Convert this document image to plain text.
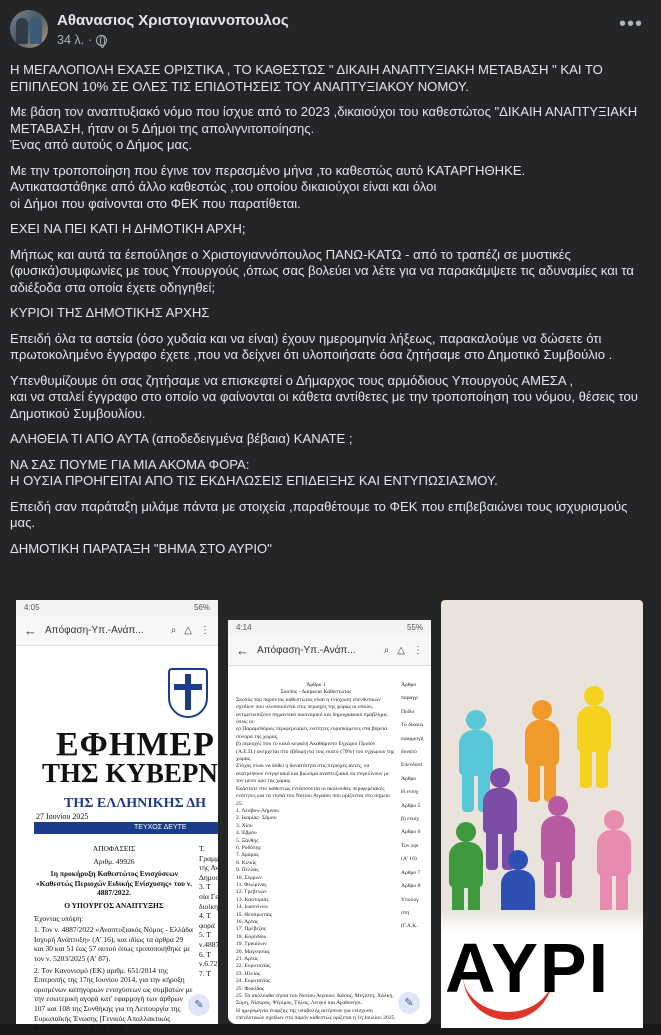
Αθανασιος Χριστογιαννοπουλος
34 λ. ·
•••

Η ΜΕΓΑΛΟΠΟΛΗ ΕΧΑΣΕ ΟΡΙΣΤΙΚΑ , ΤΟ ΚΑΘΕΣΤΩΣ " ΔΙΚΑΙΗ ΑΝΑΠΤΥΞΙΑΚΗ ΜΕΤΑΒΑΣΗ " ΚΑΙ ΤΟ ΕΠΙΠΛΕΟΝ 10% ΣΕ ΟΛΕΣ ΤΙΣ ΕΠΙΔΟΤΗΣΕΙΣ ΤΟΥ ΑΝΑΠΤΥΞΙΑΚΟΥ ΝΟΜΟΥ.

Με βάση τον αναπτυξιακό νόμο που ίσχυε από το 2023 ,δικαιούχοι του καθεστώτος "ΔΙΚΑΙΗ ΑΝΑΠΤΥΞΙΑΚΗ ΜΕΤΑΒΑΣΗ, ήταν οι 5 Δήμοι της απολιγνιτοποίησης.
Ένας από αυτούς ο Δήμος μας.

Με την τροποποίηση που έγινε τον περασμένο μήνα ,το καθεστώς αυτό ΚΑΤΑΡΓΗΘΗΚΕ.
Αντικαταστάθηκε από άλλο καθεστώς ,του οποίου δικαιούχοι είναι και όλοι
oi Δήμοι που φαίνονται στο ΦΕΚ που παρατίθεται.

ΕΧΕΙ ΝΑ ΠΕΙ ΚΑΤΙ Η ΔΗΜΟΤΙΚΗ ΑΡΧΗ;

Μήπως και αυτά τα έεπούλησε ο Χριστογιαννόπουλος ΠΑΝΩ-ΚΑΤΩ - από το τραπέζι σε μυστικές (φυσικά)συμφωνίες με τους Υπουργούς ,όπως σας βολεύει να λέτε για να παρακάμψετε τις αδυναμίες και τα αδιέξοδα στα οποία έχετε οδηγηθεί;

ΚΥΡΙΟΙ ΤΗΣ ΔΗΜΟΤΙΚΗΣ ΑΡΧΗΣ

Επειδή όλα τα αστεία (όσο χυδαία και να είναι) έχουν ημερομηνία λήξεως, παρακαλούμε να δώσετε ότι πρωτοκολημένο έγγραφο έχετε ,που να δείχνει ότι υλοποιήσατε όσα ζητήσαμε στο Δημοτικό Συμβούλιο .

Υπενθυμίζουμε ότι σας ζητήσαμε να επισκεφτεί ο Δήμαρχος τους αρμόδιους Υπουργούς ΑΜΕΣΑ ,
και να σταλεί έγγραφο στο οποίο να φαίνονται οι κάθετα αντίθετες με την τροποποίηση του νόμου, θέσεις του Δημοτικού Συμβουλίου.

ΑΛΗΘΕΙΑ ΤΙ ΑΠΟ ΑΥΤΑ (αποδεδειγμένα βέβαια) ΚΑΝΑΤΕ ;

ΝΑ ΣΑΣ ΠΟΥΜΕ ΓΙΑ ΜΙΑ ΑΚΟΜΑ ΦΟΡΑ:
Η ΟΥΣΙΑ ΠΡΟΗΓΕΙΤΑΙ ΑΠΟ ΤΙΣ ΕΚΔΗΛΩΣΕΙΣ ΕΠΙΔΕΙΞΗΣ ΚΑΙ ΕΝΤΥΠΩΣΙΑΣΜΟΥ.

Επειδή σαν παράταξη μιλάμε πάντα με στοιχεία ,παραθέτουμε το ΦΕΚ που επιβεβαιώνει τους ισχυρισμούς μας.

ΔΗΜΟΤΙΚΗ ΠΑΡΑΤΑΞΗ "ΒΗΜΑ ΣΤΟ ΑΥΡΙΟ"

4:05	56%
← Απόφαση-Υπ.-Ανάπ...	⌕ △ ⋮
ΕΦΗΜΕΡ
ΤΗΣ ΚΥΒΕΡΝ
ΤΗΣ ΕΛΛΗΝΙΚΗΣ ΔΗ
27 Ιουνίου 2025
ΤΕΥΧΟΣ ΔΕΥΤΕ
ΑΠΟΦΑΣΕΙΣ
Αριθμ. 49926
1η προκήρυξη Καθεστώτος Ενισχύσεων «Καθεστώς Περιοχών Ειδικής Ενίσχυσης» του ν. 4887/2022.
Ο ΥΠΟΥΡΓΟΣ ΑΝΑΠΤΥΞΗΣ
Έχοντας υπόψη:
1. Τον ν. 4887/2022 «Αναπτυξιακός Νόμος - Ελλάδα Ισχυρή Ανάπτυξη» (Α' 16), και ιδίως τα άρθρα 29 και 30 και 51 έως 57 αυτού όπως τροποποιήθηκε με τον ν. 5203/2025 (Α' 87).
2. Τον Κανονισμό (ΕΚ) αριθμ. 651/2014 της Επιτροπής της 17ης Ιουνίου 2014, για την κήρυξη ορισμένων κατηγοριών ενισχύσεων ως συμβατών με την εσωτερική αγορά κατ' εφαρμογή των άρθρων 107 και 108 της Συνθήκης για τη Λειτουργία της Ευρωπαϊκής Ένωσης [Γενικός Απαλλακτικός Κανονισμός (ΓΑΚ)] (ΕΕ L 16
Τ.
Γραμμ
της Αν
Δημοσ
3. Τ
σία Γεν
διοίκη
4. Τ
φορά
5. Τ
ν.4887
6. Τ
ν.6.72
7. Τ
✎
4:14	55%
← Απόφαση-Υπ.-Ανάπ...	⌕ △ ⋮
Άρθρο 1
Σκοπός - Διάρκεια Καθεστώτος
Σκοπός του παρόντος καθεστώτος είναι η ενίσχυση επενδυτικών σχεδίων που υλοποιούνται στις περιοχές της χώρας οι οποίες αντιμετωπίζουν σημαντικό οικονομικό και δημογραφικό πρόβλημα, όπως οι:
α) Παραμεθόριες περιφερειακές ενότητες ευρισκόμενες στα βόρεια σύνορα της χώρας,
β) περιοχές που το κατά κεφαλή Ακαθάριστο Εγχώριο Προϊόν (Α.Ε.Π.) ανέρχεται στο εβδομήντα τοις εκατό (70%) του εγχώριου της χώρας.
Στόχος είναι να δοθεί η δυνατότητα στις περιοχές αυτές, να ανατρέψουν ενεργειακά και βιώσιμα αναπτυξιακά να συγκλίνουν με τον μέσο όρο της χώρας.
Εκάστοτε στο καθεστώς εντάσσονται οι ακόλουθες περιφερειακές ενότητες και τα νησιά του Νοτίου Αιγαίου που ορίζονται στο σημείο 25:
1. Λέσβου-Λήμνου
2. Ικαρίας- Σάμου
3. Χίου
4. Έβρου
5. Ξάνθης
6. Ροδόπης
7. Δράμας
8. Κιλκίς
9. Πέλλας
10. Σερρών
11. Φλώρινας
12. Γρεβενών
13. Καστοριάς
14. Ιωαννίνων
15. Θεσπρωτίας
16. Άρτας
17. Πρέβεζας
18. Κορίνθου
19. Τρικάλων
20. Μαγνησίας
21. Άρτας
22. Ευρυτανίας
23. Ηλείας
24. Ευρυτανίας
25. Φωκίδας
25. Τα ακόλουθα νησιά του Νοτίου Αιγαίου: Κάσος, Μεγίστη, Χάλκη, Σύμη, Νίσυρος, Ψέριμος, Τήλος, Λειψοί και Αγαθονήσι.
Η ημερομηνία έναρξης της υποβολής αιτήσεων για ενίσχυση επενδυτικών σχεδίων στο παρόν καθεστώς ορίζεται η 1η Ιουλίου 2025.
Άρθρο
παραγρ
Πεδίο
Το δικαιώ
εφαρμογή
δυνατό
Επενδύσε
Άρθρο
Η ενίσχ
Αρθρο 5
β) ενισχ
Αρθρο 6
Τον ύψι
(Α' 16)
Αρθρο 7
Αρθρο 8
Υπολογ
στη
(Γ.Α.Κ.
✎ ΑΥΡΙ
